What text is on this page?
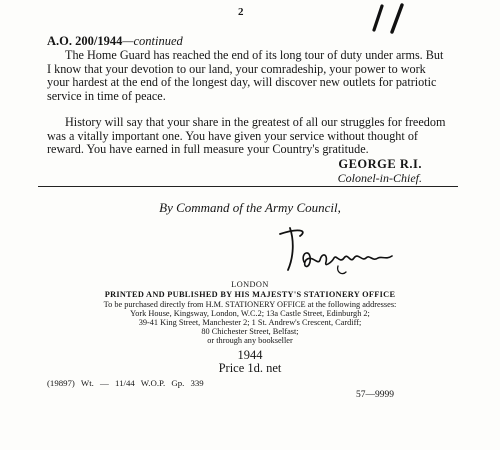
2
A.O. 200/1944—continued
The Home Guard has reached the end of its long tour of duty under arms. But I know that your devotion to our land, your comradeship, your power to work your hardest at the end of the longest day, will discover new outlets for patriotic service in time of peace.
History will say that your share in the greatest of all our struggles for freedom was a vitally important one. You have given your service without thought of reward. You have earned in full measure your Country's gratitude.
GEORGE R.I.
Colonel-in-Chief.
By Command of the Army Council,
LONDON
PRINTED AND PUBLISHED BY HIS MAJESTY'S STATIONERY OFFICE
To be purchased directly from H.M. STATIONERY OFFICE at the following addresses:
York House, Kingsway, London, W.C.2; 13a Castle Street, Edinburgh 2;
39-41 King Street, Manchester 2; 1 St. Andrew's Crescent, Cardiff;
80 Chichester Street, Belfast;
or through any bookseller
1944
Price 1d. net
(19897) Wt. — 11/44 W.O.P. Gp. 339
57—9999
